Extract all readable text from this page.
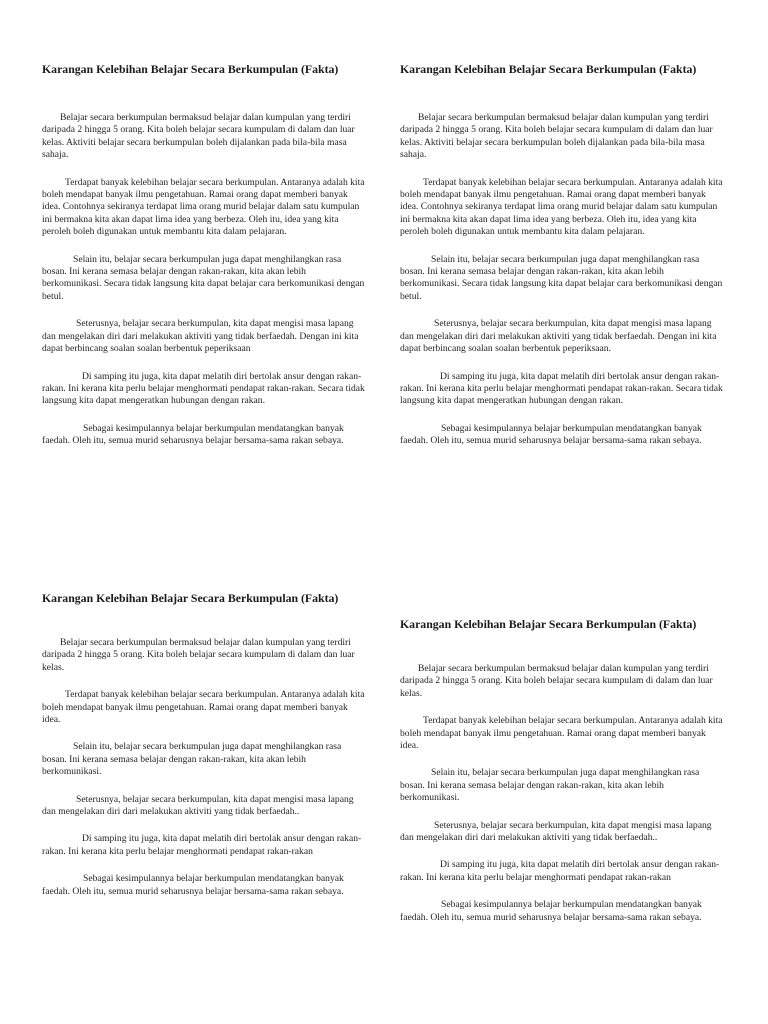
Karangan Kelebihan Belajar Secara Berkumpulan (Fakta)

Belajar secara berkumpulan bermaksud belajar dalan kumpulan yang terdiri daripada 2 hingga 5 orang. Kita boleh belajar secara kumpulam di dalam dan luar kelas. Aktiviti belajar secara berkumpulan boleh dijalankan pada bila-bila masa sahaja.

Terdapat banyak kelebihan belajar secara berkumpulan. Antaranya adalah kita boleh mendapat banyak ilmu pengetahuan. Ramai orang dapat memberi banyak idea. Contohnya sekiranya terdapat lima orang murid belajar dalam satu kumpulan ini bermakna kita akan dapat lima idea yang berbeza. Oleh itu, idea yang kita peroleh boleh digunakan untuk membantu kita dalam pelajaran.

Selain itu, belajar secara berkumpulan juga dapat menghilangkan rasa bosan. Ini kerana semasa belajar dengan rakan-rakan, kita akan lebih berkomunikasi. Secara tidak langsung kita dapat belajar cara berkomunikasi dengan betul.

Seterusnya, belajar secara berkumpulan, kita dapat mengisi masa lapang dan mengelakan diri dari melakukan aktiviti yang tidak berfaedah. Dengan ini kita dapat berbincang soalan soalan berbentuk peperiksaan

Di samping itu juga, kita dapat melatih diri bertolak ansur dengan rakan-rakan. Ini kerana kita perlu belajar menghormati pendapat rakan-rakan. Secara tidak langsung kita dapat mengeratkan hubungan dengan rakan.

Sebagai kesimpulannya belajar berkumpulan mendatangkan banyak faedah. Oleh itu, semua murid seharusnya belajar bersama-sama rakan sebaya.

Karangan Kelebihan Belajar Secara Berkumpulan (Fakta)

Belajar secara berkumpulan bermaksud belajar dalan kumpulan yang terdiri daripada 2 hingga 5 orang. Kita boleh belajar secara kumpulam di dalam dan luar kelas. Aktiviti belajar secara berkumpulan boleh dijalankan pada bila-bila masa sahaja.

Terdapat banyak kelebihan belajar secara berkumpulan. Antaranya adalah kita boleh mendapat banyak ilmu pengetahuan. Ramai orang dapat memberi banyak idea. Contohnya sekiranya terdapat lima orang murid belajar dalam satu kumpulan ini bermakna kita akan dapat lima idea yang berbeza. Oleh itu, idea yang kita peroleh boleh digunakan untuk membantu kita dalam pelajaran.

Selain itu, belajar secara berkumpulan juga dapat menghilangkan rasa bosan. Ini kerana semasa belajar dengan rakan-rakan, kita akan lebih berkomunikasi. Secara tidak langsung kita dapat belajar cara berkomunikasi dengan betul.

Seterusnya, belajar secara berkumpulan, kita dapat mengisi masa lapang dan mengelakan diri dari melakukan aktiviti yang tidak berfaedah. Dengan ini kita dapat berbincang soalan soalan berbentuk peperiksaan.

Di samping itu juga, kita dapat melatih diri bertolak ansur dengan rakan-rakan. Ini kerana kita perlu belajar menghormati pendapat rakan-rakan. Secara tidak langsung kita dapat mengeratkan hubungan dengan rakan.

Sebagai kesimpulannya belajar berkumpulan mendatangkan banyak faedah. Oleh itu, semua murid seharusnya belajar bersama-sama rakan sebaya.

Karangan Kelebihan Belajar Secara Berkumpulan (Fakta)

Belajar secara berkumpulan bermaksud belajar dalan kumpulan yang terdiri daripada 2 hingga 5 orang. Kita boleh belajar secara kumpulam di dalam dan luar kelas.

Terdapat banyak kelebihan belajar secara berkumpulan. Antaranya adalah kita boleh mendapat banyak ilmu pengetahuan. Ramai orang dapat memberi banyak idea.

Selain itu, belajar secara berkumpulan juga dapat menghilangkan rasa bosan. Ini kerana semasa belajar dengan rakan-rakan, kita akan lebih berkomunikasi.

Seterusnya, belajar secara berkumpulan, kita dapat mengisi masa lapang dan mengelakan diri dari melakukan aktiviti yang tidak berfaedah..

Di samping itu juga, kita dapat melatih diri bertolak ansur dengan rakan-rakan. Ini kerana kita perlu belajar menghormati pendapat rakan-rakan

Sebagai kesimpulannya belajar berkumpulan mendatangkan banyak faedah. Oleh itu, semua murid seharusnya belajar bersama-sama rakan sebaya.

Karangan Kelebihan Belajar Secara Berkumpulan (Fakta)

Belajar secara berkumpulan bermaksud belajar dalan kumpulan yang terdiri daripada 2 hingga 5 orang. Kita boleh belajar secara kumpulam di dalam dan luar kelas.

Terdapat banyak kelebihan belajar secara berkumpulan. Antaranya adalah kita boleh mendapat banyak ilmu pengetahuan. Ramai orang dapat memberi banyak idea.

Selain itu, belajar secara berkumpulan juga dapat menghilangkan rasa bosan. Ini kerana semasa belajar dengan rakan-rakan, kita akan lebih berkomunikasi.

Seterusnya, belajar secara berkumpulan, kita dapat mengisi masa lapang dan mengelakan diri dari melakukan aktiviti yang tidak berfaedah..

Di samping itu juga, kita dapat melatih diri bertolak ansur dengan rakan-rakan. Ini kerana kita perlu belajar menghormati pendapat rakan-rakan

Sebagai kesimpulannya belajar berkumpulan mendatangkan banyak faedah. Oleh itu, semua murid seharusnya belajar bersama-sama rakan sebaya.
